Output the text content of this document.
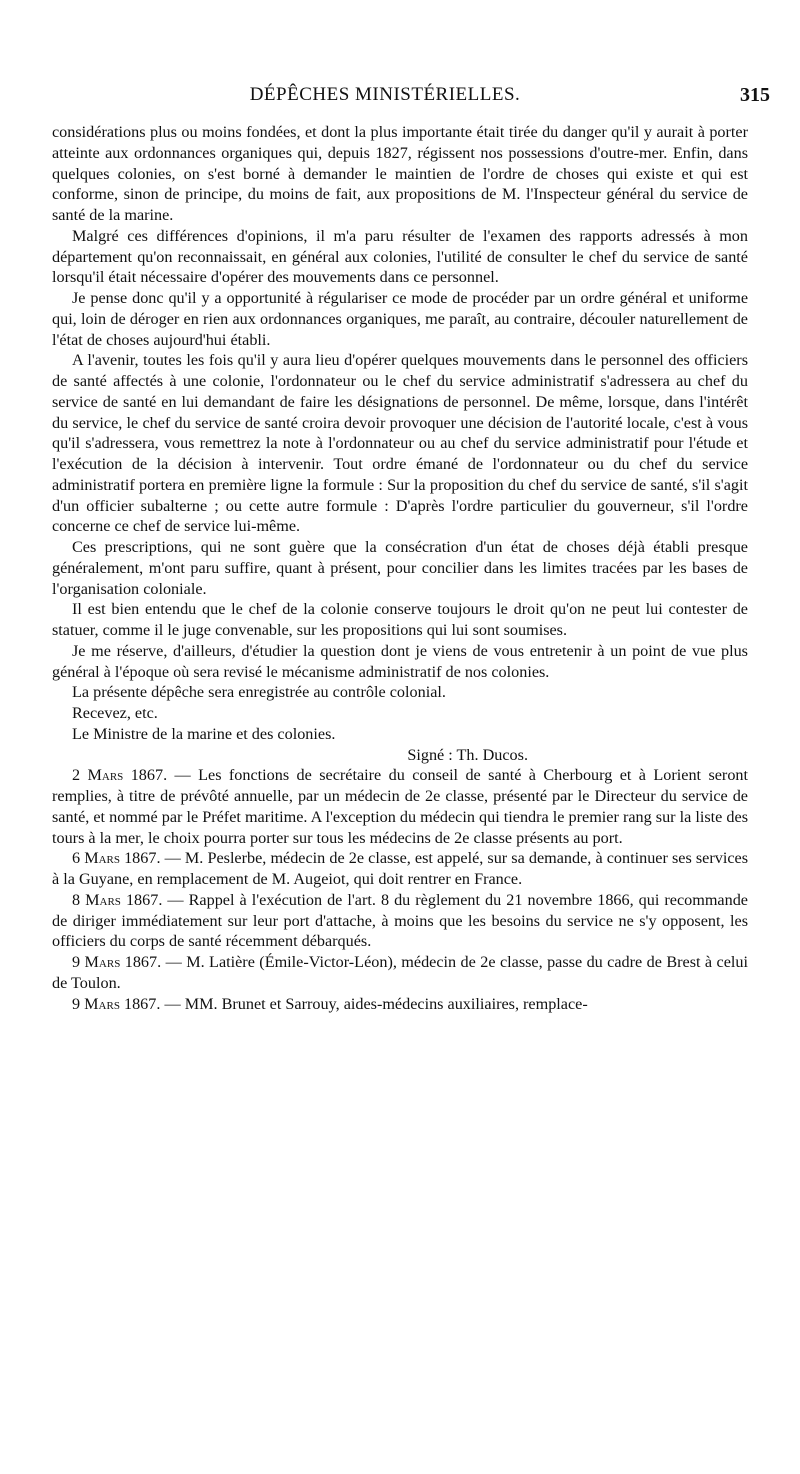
DÉPÊCHES MINISTÉRIELLES.	315

considérations plus ou moins fondées, et dont la plus importante était tirée du danger qu'il y aurait à porter atteinte aux ordonnances organiques qui, depuis 1827, régissent nos possessions d'outre-mer. Enfin, dans quelques colonies, on s'est borné à demander le maintien de l'ordre de choses qui existe et qui est conforme, sinon de principe, du moins de fait, aux propositions de M. l'Inspecteur général du service de santé de la marine.

Malgré ces différences d'opinions, il m'a paru résulter de l'examen des rapports adressés à mon département qu'on reconnaissait, en général aux colonies, l'utilité de consulter le chef du service de santé lorsqu'il était nécessaire d'opérer des mouvements dans ce personnel.

Je pense donc qu'il y a opportunité à régulariser ce mode de procéder par un ordre général et uniforme qui, loin de déroger en rien aux ordonnances organiques, me paraît, au contraire, découler naturellement de l'état de choses aujourd'hui établi.

A l'avenir, toutes les fois qu'il y aura lieu d'opérer quelques mouvements dans le personnel des officiers de santé affectés à une colonie, l'ordonnateur ou le chef du service administratif s'adressera au chef du service de santé en lui demandant de faire les désignations de personnel. De même, lorsque, dans l'intérêt du service, le chef du service de santé croira devoir provoquer une décision de l'autorité locale, c'est à vous qu'il s'adressera, vous remettrez la note à l'ordonnateur ou au chef du service administratif pour l'étude et l'exécution de la décision à intervenir. Tout ordre émané de l'ordonnateur ou du chef du service administratif portera en première ligne la formule : Sur la proposition du chef du service de santé, s'il s'agit d'un officier subalterne ; ou cette autre formule : D'après l'ordre particulier du gouverneur, s'il l'ordre concerne ce chef de service lui-même.

Ces prescriptions, qui ne sont guère que la consécration d'un état de choses déjà établi presque généralement, m'ont paru suffire, quant à présent, pour concilier dans les limites tracées par les bases de l'organisation coloniale.

Il est bien entendu que le chef de la colonie conserve toujours le droit qu'on ne peut lui contester de statuer, comme il le juge convenable, sur les propositions qui lui sont soumises.

Je me réserve, d'ailleurs, d'étudier la question dont je viens de vous entretenir à un point de vue plus général à l'époque où sera revisé le mécanisme administratif de nos colonies.

La présente dépêche sera enregistrée au contrôle colonial.

Recevez, etc.

Le Ministre de la marine et des colonies.

Signé : Th. Ducos.

2 Mars 1867. — Les fonctions de secrétaire du conseil de santé à Cherbourg et à Lorient seront remplies, à titre de prévôté annuelle, par un médecin de 2e classe, présenté par le Directeur du service de santé, et nommé par le Préfet maritime. A l'exception du médecin qui tiendra le premier rang sur la liste des tours à la mer, le choix pourra porter sur tous les médecins de 2e classe présents au port.

6 Mars 1867. — M. Peslerbe, médecin de 2e classe, est appelé, sur sa demande, à continuer ses services à la Guyane, en remplacement de M. Augeiot, qui doit rentrer en France.

8 Mars 1867. — Rappel à l'exécution de l'art. 8 du règlement du 21 novembre 1866, qui recommande de diriger immédiatement sur leur port d'attache, à moins que les besoins du service ne s'y opposent, les officiers du corps de santé récemment débarqués.

9 Mars 1867. — M. Latière (Émile-Victor-Léon), médecin de 2e classe, passe du cadre de Brest à celui de Toulon.

9 Mars 1867. — MM. Brunet et Sarrouy, aides-médecins auxiliaires, remplace-
